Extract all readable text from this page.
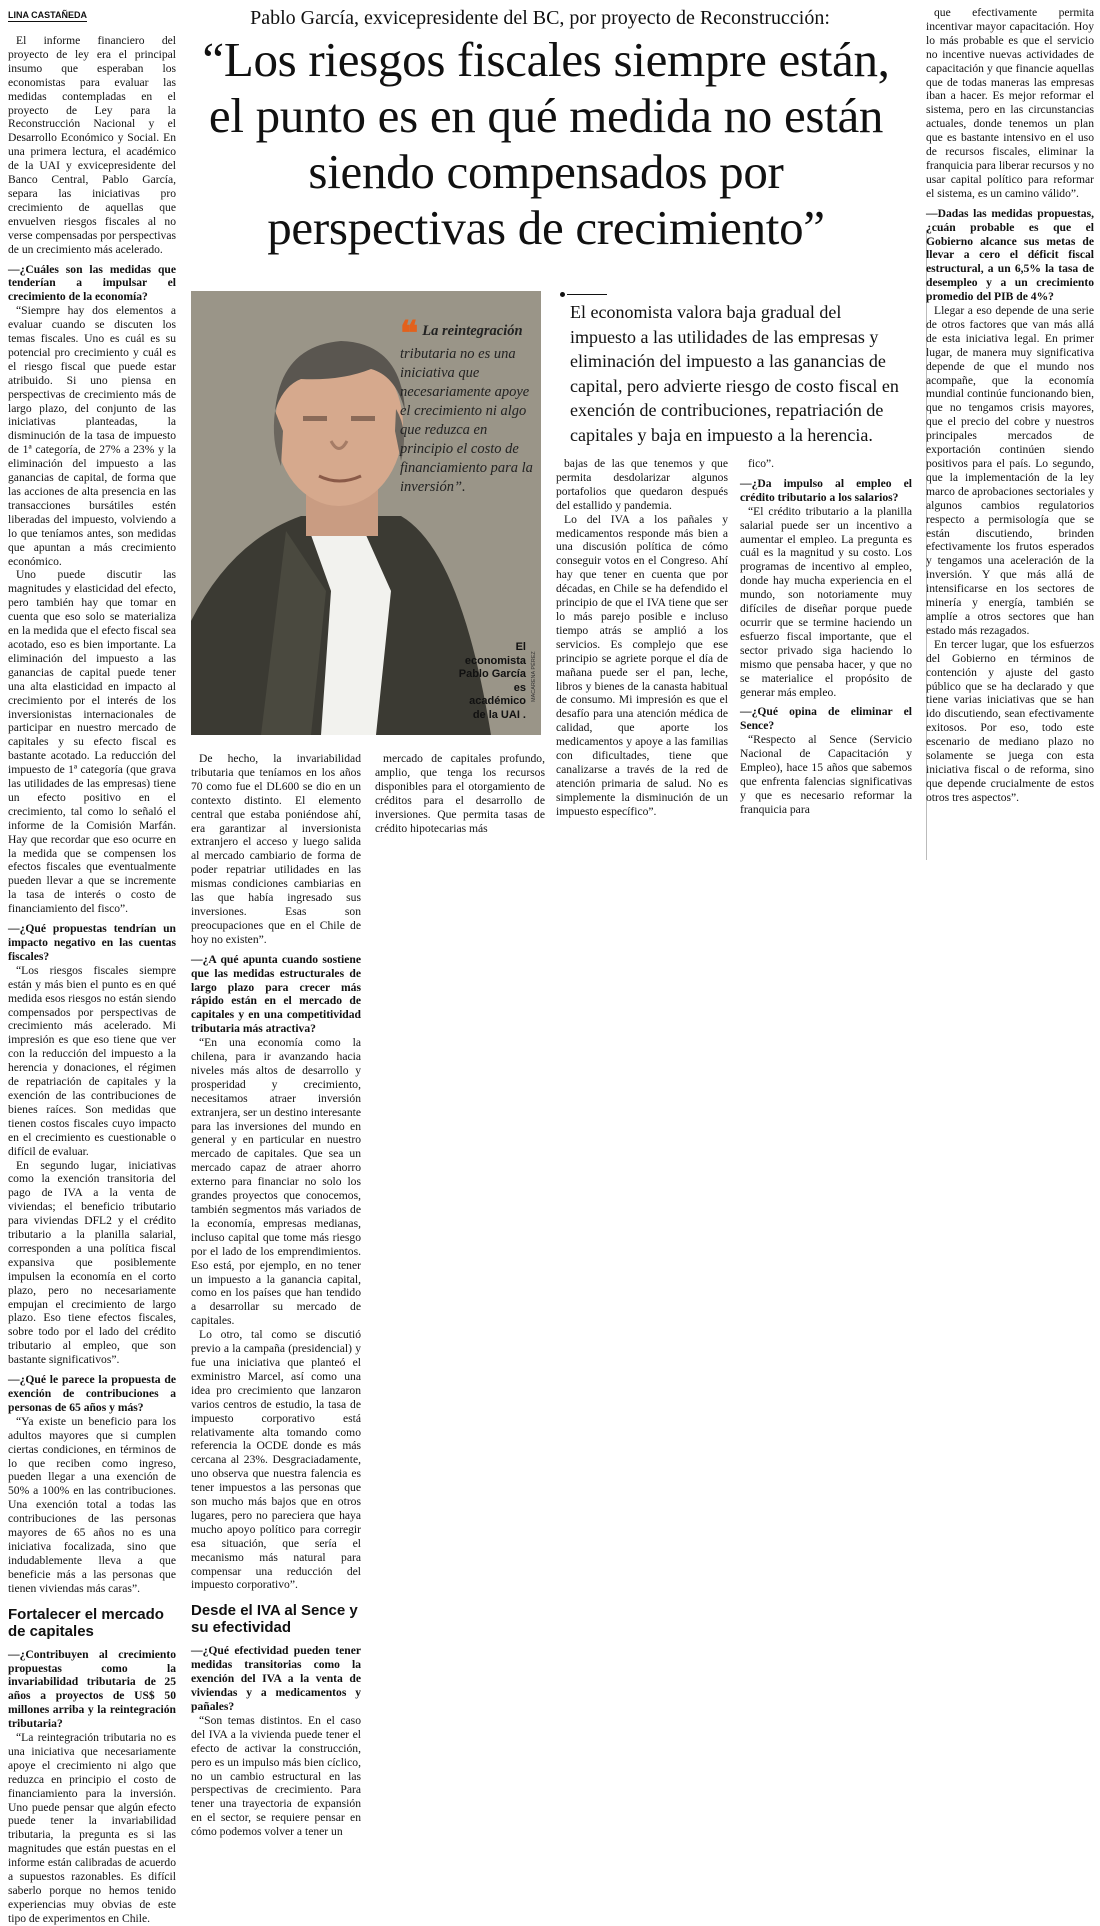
LINA CASTAÑEDA	Pablo García, exvicepresidente del BC, por proyecto de Reconstrucción:
“Los riesgos fiscales siempre están, el punto es en qué medida no están siendo compensados por perspectivas de crecimiento”

El informe financiero del proyecto de ley era el principal insumo que esperaban los economistas para evaluar las medidas contempladas en el proyecto de Ley para la Reconstrucción Nacional y el Desarrollo Económico y Social. En una primera lectura, el académico de la UAI y exvicepresidente del Banco Central, Pablo García, separa las iniciativas pro crecimiento de aquellas que envuelven riesgos fiscales al no verse compensadas por perspectivas de un crecimiento más acelerado.

—¿Cuáles son las medidas que tenderían a impulsar el crecimiento de la economía?

“Siempre hay dos elementos a evaluar cuando se discuten los temas fiscales. Uno es cuál es su potencial pro crecimiento y cuál es el riesgo fiscal que puede estar atribuido. Si uno piensa en perspectivas de crecimiento más de largo plazo, del conjunto de las iniciativas planteadas, la disminución de la tasa de impuesto de 1ª categoría, de 27% a 23% y la eliminación del impuesto a las ganancias de capital, de forma que las acciones de alta presencia en las transacciones bursátiles estén liberadas del impuesto, volviendo a lo que teníamos antes, son medidas que apuntan a más crecimiento económico.

Uno puede discutir las magnitudes y elasticidad del efecto, pero también hay que tomar en cuenta que eso solo se materializa en la medida que el efecto fiscal sea acotado, eso es bien importante. La eliminación del impuesto a las ganancias de capital puede tener una alta elasticidad en impacto al crecimiento por el interés de los inversionistas internacionales de participar en nuestro mercado de capitales y su efecto fiscal es bastante acotado. La reducción del impuesto de 1ª categoría (que grava las utilidades de las empresas) tiene un efecto positivo en el crecimiento, tal como lo señaló el informe de la Comisión Marfán. Hay que recordar que eso ocurre en la medida que se compensen los efectos fiscales que eventualmente pueden llevar a que se incremente la tasa de interés o costo de financiamiento del fisco”.

—¿Qué propuestas tendrían un impacto negativo en las cuentas fiscales?

“Los riesgos fiscales siempre están y más bien el punto es en qué medida esos riesgos no están siendo compensados por perspectivas de crecimiento más acelerado. Mi impresión es que eso tiene que ver con la reducción del impuesto a la herencia y donaciones, el régimen de repatriación de capitales y la exención de las contribuciones de bienes raíces. Son medidas que tienen costos fiscales cuyo impacto en el crecimiento es cuestionable o difícil de evaluar.

En segundo lugar, iniciativas como la exención transitoria del pago de IVA a la venta de viviendas; el beneficio tributario para viviendas DFL2 y el crédito tributario a la planilla salarial, corresponden a una política fiscal expansiva que posiblemente impulsen la economía en el corto plazo, pero no necesariamente empujan el crecimiento de largo plazo. Eso tiene efectos fiscales, sobre todo por el lado del crédito tributario al empleo, que son bastante significativos”.

—¿Qué le parece la propuesta de exención de contribuciones a personas de 65 años y más?

“Ya existe un beneficio para los adultos mayores que si cumplen ciertas condiciones, en términos de lo que reciben como ingreso, pueden llegar a una exención de 50% a 100% en las contribuciones. Una exención total a todas las contribuciones de las personas mayores de 65 años no es una iniciativa focalizada, sino que indudablemente lleva a que beneficie más a las personas que tienen viviendas más caras”.

Fortalecer el mercado de capitales

—¿Contribuyen al crecimiento propuestas como la invariabilidad tributaria de 25 años a proyectos de US$ 50 millones arriba y la reintegración tributaria?

“La reintegración tributaria no es una iniciativa que necesariamente apoye el crecimiento ni algo que reduzca en principio el costo de financiamiento para la inversión. Uno puede pensar que algún efecto puede tener la invariabilidad tributaria, la pregunta es si las magnitudes que están puestas en el informe están calibradas de acuerdo a supuestos razonables. Es difícil saberlo porque no hemos tenido experiencias muy obvias de este tipo de experimentos en Chile.

❝ La reintegración tributaria no es una iniciativa que necesariamente apoye el crecimiento ni algo que reduzca en principio el costo de financiamiento para la inversión”.
El economista Pablo García es académico de la UAI .
MACARENA PÉREZ
El economista valora baja gradual del impuesto a las utilidades de las empresas y eliminación del impuesto a las ganancias de capital, pero advierte riesgo de costo fiscal en exención de contribuciones, repatriación de capitales y baja en impuesto a la herencia.

De hecho, la invariabilidad tributaria que teníamos en los años 70 como fue el DL600 se dio en un contexto distinto. El elemento central que estaba poniéndose ahí, era garantizar al inversionista extranjero el acceso y luego salida al mercado cambiario de forma de poder repatriar utilidades en las mismas condiciones cambiarias en las que había ingresado sus inversiones. Esas son preocupaciones que en el Chile de hoy no existen”.

—¿A qué apunta cuando sostiene que las medidas estructurales de largo plazo para crecer más rápido están en el mercado de capitales y en una competitividad tributaria más atractiva?

“En una economía como la chilena, para ir avanzando hacia niveles más altos de desarrollo y prosperidad y crecimiento, necesitamos atraer inversión extranjera, ser un destino interesante para las inversiones del mundo en general y en particular en nuestro mercado de capitales. Que sea un mercado capaz de atraer ahorro externo para financiar no solo los grandes proyectos que conocemos, también segmentos más variados de la economía, empresas medianas, incluso capital que tome más riesgo por el lado de los emprendimientos. Eso está, por ejemplo, en no tener un impuesto a la ganancia capital, como en los países que han tendido a desarrollar su mercado de capitales.

Lo otro, tal como se discutió previo a la campaña (presidencial) y fue una iniciativa que planteó el exministro Marcel, así como una idea pro crecimiento que lanzaron varios centros de estudio, la tasa de impuesto corporativo está relativamente alta tomando como referencia la OCDE donde es más cercana al 23%. Desgraciadamente, uno observa que nuestra falencia es tener impuestos a las personas que son mucho más bajos que en otros lugares, pero no pareciera que haya mucho apoyo político para corregir esa situación, que sería el mecanismo más natural para compensar una reducción del impuesto corporativo”.

Desde el IVA al Sence y su efectividad

—¿Qué efectividad pueden tener medidas transitorias como la exención del IVA a la venta de viviendas y a medicamentos y pañales?

“Son temas distintos. En el caso del IVA a la vivienda puede tener el efecto de activar la construcción, pero es un impulso más bien cíclico, no un cambio estructural en las perspectivas de crecimiento. Para tener una trayectoria de expansión en el sector, se requiere pensar en cómo podemos volver a tener un

mercado de capitales profundo, amplio, que tenga los recursos disponibles para el otorgamiento de créditos para el desarrollo de inversiones. Que permita tasas de crédito hipotecarias más

bajas de las que tenemos y que permita desdolarizar algunos portafolios que quedaron después del estallido y pandemia.

Lo del IVA a los pañales y medicamentos responde más bien a una discusión política de cómo conseguir votos en el Congreso. Ahí hay que tener en cuenta que por décadas, en Chile se ha defendido el principio de que el IVA tiene que ser lo más parejo posible e incluso tiempo atrás se amplió a los servicios. Es complejo que ese principio se agriete porque el día de mañana puede ser el pan, leche, libros y bienes de la canasta habitual de consumo. Mi impresión es que el desafío para una atención médica de calidad, que aporte los medicamentos y apoye a las familias con dificultades, tiene que canalizarse a través de la red de atención primaria de salud. No es simplemente la disminución de un impuesto específico”.

fico”.

—¿Da impulso al empleo el crédito tributario a los salarios?

“El crédito tributario a la planilla salarial puede ser un incentivo a aumentar el empleo. La pregunta es cuál es la magnitud y su costo. Los programas de incentivo al empleo, donde hay mucha experiencia en el mundo, son notoriamente muy difíciles de diseñar porque puede ocurrir que se termine haciendo un esfuerzo fiscal importante, que el sector privado siga haciendo lo mismo que pensaba hacer, y que no se materialice el propósito de generar más empleo.

—¿Qué opina de eliminar el Sence?

“Respecto al Sence (Servicio Nacional de Capacitación y Empleo), hace 15 años que sabemos que enfrenta falencias significativas y que es necesario reformar la franquicia para

que efectivamente permita incentivar mayor capacitación. Hoy lo más probable es que el servicio no incentive nuevas actividades de capacitación y que financie aquellas que de todas maneras las empresas iban a hacer. Es mejor reformar el sistema, pero en las circunstancias actuales, donde tenemos un plan que es bastante intensivo en el uso de recursos fiscales, eliminar la franquicia para liberar recursos y no usar capital político para reformar el sistema, es un camino válido”.

—Dadas las medidas propuestas, ¿cuán probable es que el Gobierno alcance sus metas de llevar a cero el déficit fiscal estructural, a un 6,5% la tasa de desempleo y a un crecimiento promedio del PIB de 4%?

Llegar a eso depende de una serie de otros factores que van más allá de esta iniciativa legal. En primer lugar, de manera muy significativa depende de que el mundo nos acompañe, que la economía mundial continúe funcionando bien, que no tengamos crisis mayores, que el precio del cobre y nuestros principales mercados de exportación continúen siendo positivos para el país. Lo segundo, que la implementación de la ley marco de aprobaciones sectoriales y algunos cambios regulatorios respecto a permisología que se están discutiendo, brinden efectivamente los frutos esperados y tengamos una aceleración de la inversión. Y que más allá de intensificarse en los sectores de minería y energía, también se amplíe a otros sectores que han estado más rezagados.

En tercer lugar, que los esfuerzos del Gobierno en términos de contención y ajuste del gasto público que se ha declarado y que tiene varias iniciativas que se han ido discutiendo, sean efectivamente exitosos. Por eso, todo este escenario de mediano plazo no solamente se juega con esta iniciativa fiscal o de reforma, sino que depende crucialmente de estos otros tres aspectos”.
